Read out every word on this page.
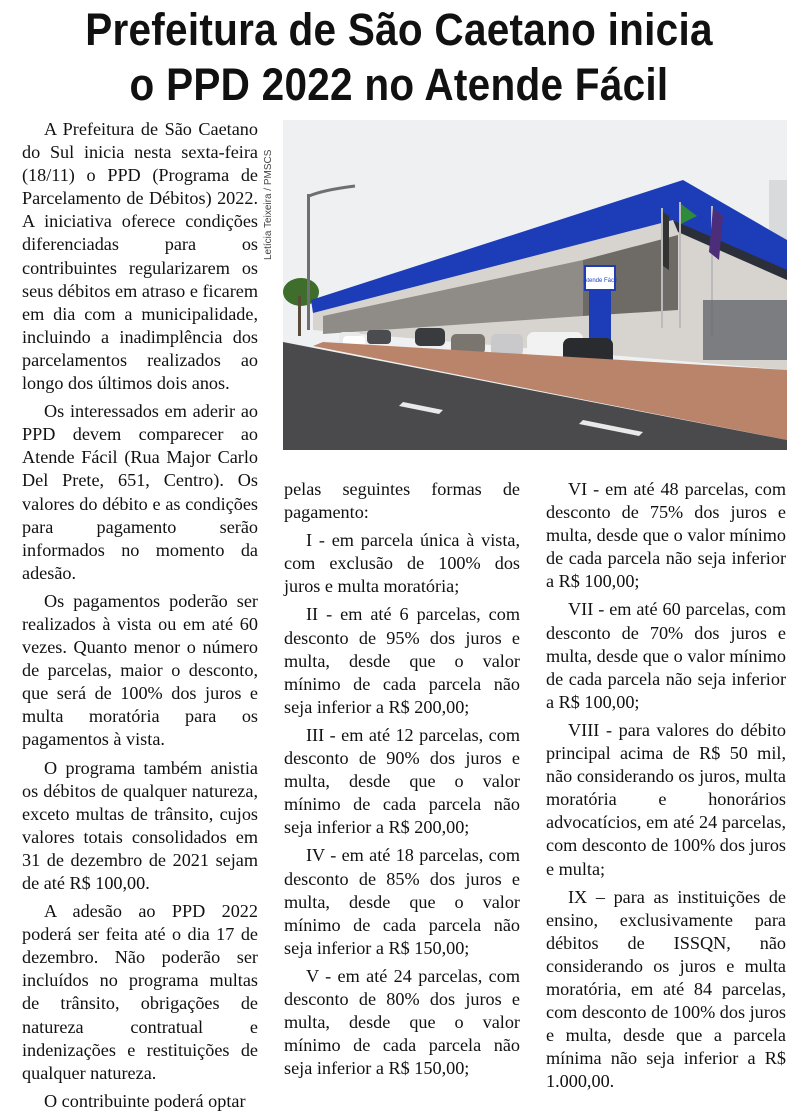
Prefeitura de São Caetano inicia
o PPD 2022 no Atende Fácil

A Prefeitura de São Caetano do Sul inicia nesta sexta-feira (18/11) o PPD (Programa de Parcelamento de Débitos) 2022. A iniciativa oferece condições diferenciadas para os contribuintes regularizarem os seus débitos em atraso e ficarem em dia com a municipalidade, incluindo a inadimplência dos parcelamentos realizados ao longo dos últimos dois anos.

Os interessados em aderir ao PPD devem comparecer ao Atende Fácil (Rua Major Carlo Del Prete, 651, Centro). Os valores do débito e as condições para pagamento serão informados no momento da adesão.

Os pagamentos poderão ser realizados à vista ou em até 60 vezes. Quanto menor o número de parcelas, maior o desconto, que será de 100% dos juros e multa moratória para os pagamentos à vista.

O programa também anistia os débitos de qualquer natureza, exceto multas de trânsito, cujos valores totais consolidados em 31 de dezembro de 2021 sejam de até R$ 100,00.

A adesão ao PPD 2022 poderá ser feita até o dia 17 de dezembro. Não poderão ser incluídos no programa multas de trânsito, obrigações de natureza contratual e indenizações e restituições de qualquer natureza.

O contribuinte poderá optar

Letícia Teixeira / PMSCS
Atende Fácil

pelas seguintes formas de pagamento:

I - em parcela única à vista, com exclusão de 100% dos juros e multa moratória;

II - em até 6 parcelas, com desconto de 95% dos juros e multa, desde que o valor mínimo de cada parcela não seja inferior a R$ 200,00;

III - em até 12 parcelas, com desconto de 90% dos juros e multa, desde que o valor mínimo de cada parcela não seja inferior a R$ 200,00;

IV - em até 18 parcelas, com desconto de 85% dos juros e multa, desde que o valor mínimo de cada parcela não seja inferior a R$ 150,00;

V - em até 24 parcelas, com desconto de 80% dos juros e multa, desde que o valor mínimo de cada parcela não seja inferior a R$ 150,00;

VI - em até 48 parcelas, com desconto de 75% dos juros e multa, desde que o valor mínimo de cada parcela não seja inferior a R$ 100,00;

VII - em até 60 parcelas, com desconto de 70% dos juros e multa, desde que o valor mínimo de cada parcela não seja inferior a R$ 100,00;

VIII - para valores do débito principal acima de R$ 50 mil, não considerando os juros, multa moratória e honorários advocatícios, em até 24 parcelas, com desconto de 100% dos juros e multa;

IX – para as instituições de ensino, exclusivamente para débitos de ISSQN, não considerando os juros e multa moratória, em até 84 parcelas, com desconto de 100% dos juros e multa, desde que a parcela mínima não seja inferior a R$ 1.000,00.
